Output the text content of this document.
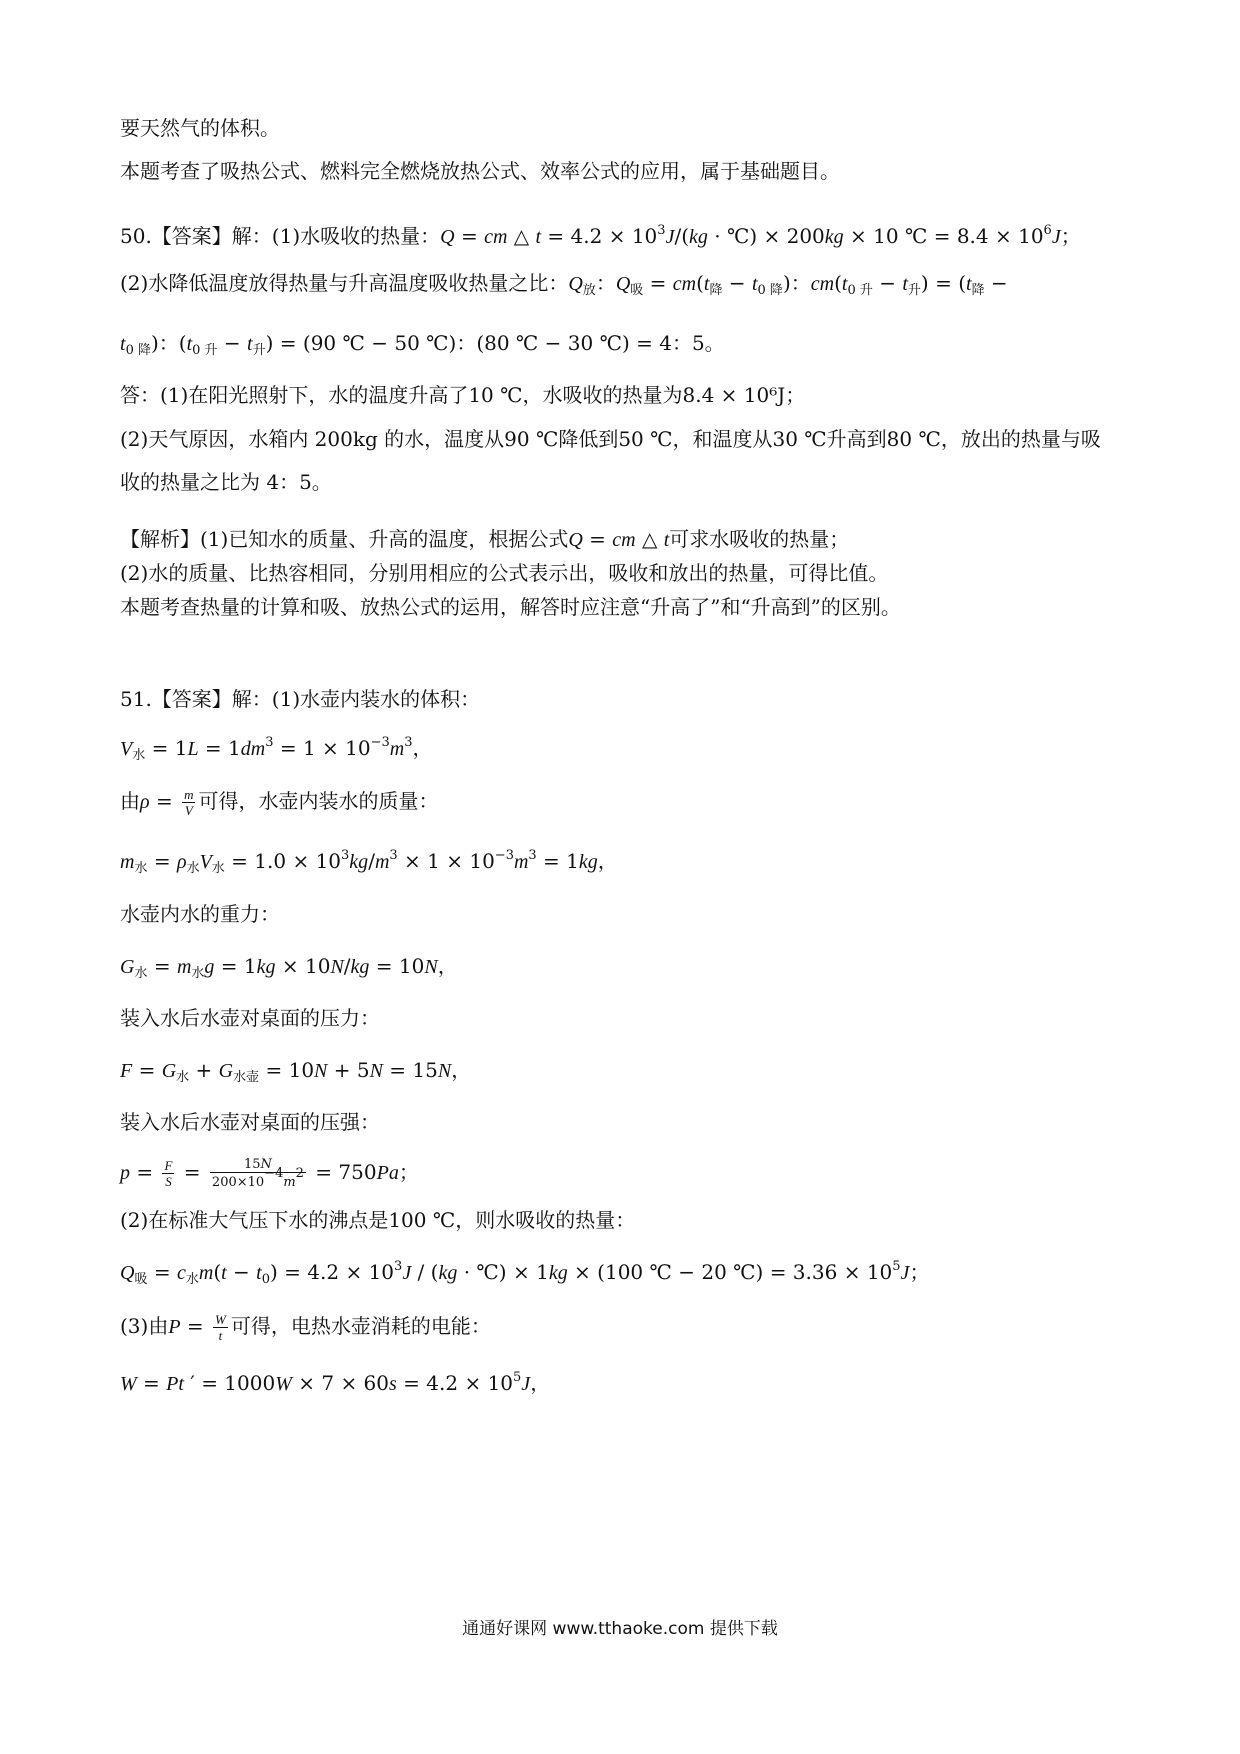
要天然气的体积。
本题考查了吸热公式、燃料完全燃烧放热公式、效率公式的应用，属于基础题目。
50.【答案】解：(1)水吸收的热量：Q = cm △ $t = 4.2 \times 10^3J/(kg$ · ℃) × 200kg × 10 ℃ = $8.4 \times 10^6J$；
(2)水降低温度放得热量与升高温度吸收热量之比：$Q_放$：$Q_吸 = cm(t_降 - t_{0 降})$：$cm(t_{0 升} - t_升) = (t_降$ −
$t_{0 降}$)：$(t_{0 升} - t_升) = (90$ ℃ − 50 ℃)：(80 ℃ − 30 ℃) = 4：5。
答：(1)在阳光照射下，水的温度升高了10 ℃，水吸收的热量为8.4 × 10⁶J；
(2)天气原因，水箱内 200kg 的水，温度从90 ℃降低到50 ℃，和温度从30 ℃升高到80 ℃，放出的热量与吸
收的热量之比为 4：5。
【解析】(1)已知水的质量、升高的温度，根据公式Q = cm △ t可求水吸收的热量；
(2)水的质量、比热容相同，分别用相应的公式表示出，吸收和放出的热量，可得比值。
本题考查热量的计算和吸、放热公式的运用，解答时应注意“升高了”和“升高到”的区别。
51.【答案】解：(1)水壶内装水的体积：
$V_水 = 1L = 1dm^3 = 1 \times 10^{-3}m^3$，
由$\rho = \frac{m}{V}$ 可得，水壶内装水的质量：
$m_水 = \rho_水V_水 = 1.0 \times 10^3kg/m^3 \times 1 \times 10^{-3}m^3 = 1kg$，
水壶内水的重力：
$G_水 = m_水g = 1kg \times 10N/kg = 10N$，
装入水后水壶对桌面的压力：
$F = G_水 + G_{水壶} = 10N + 5N = 15N$，
装入水后水壶对桌面的压强：
$p = \frac{F}{S} = \frac{15N}{200\times 10^{-4}m^2} = 750Pa$；
(2)在标准大气压下水的沸点是100 ℃，则水吸收的热量：
$Q_吸 = c_水m(t - t_0) = 4.2 \times 10^3J / (kg$ · ℃) × 1kg × (100 ℃ − 20 ℃) = $3.36 \times 10^5J$；
(3)由$P = \frac{W}{t}$ 可得，电热水壶消耗的电能：
W = Pt ′ = $1000W \times 7 \times 60s = 4.2 \times 10^5J$，
通通好课网 www.tthaoke.com 提供下载
